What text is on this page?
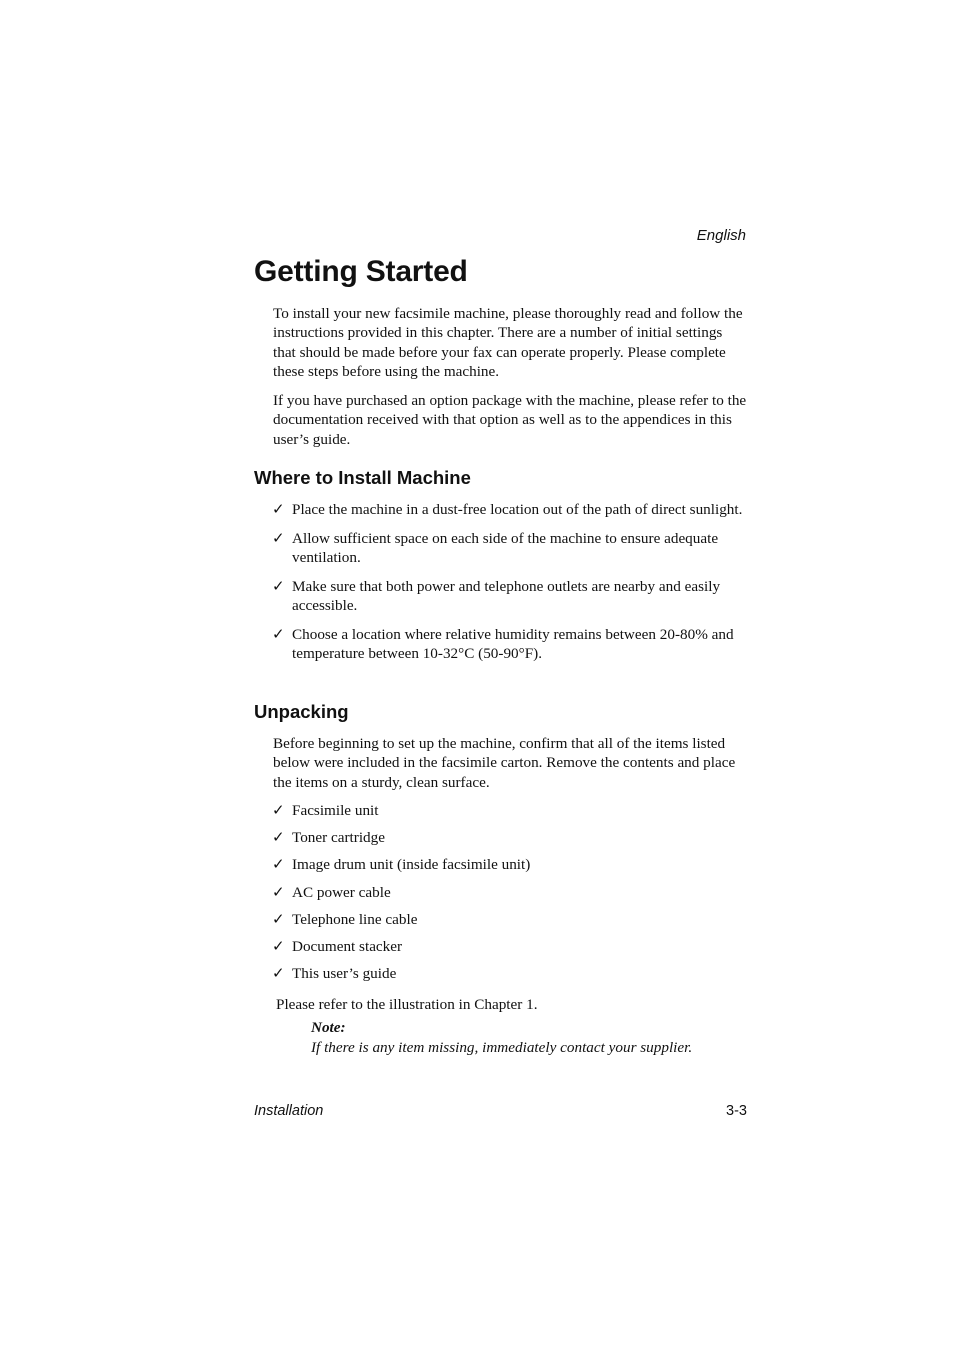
English
Getting Started

To install your new facsimile machine, please thoroughly read and follow the instructions provided in this chapter. There are a number of initial settings that should be made before your fax can operate properly. Please complete these steps before using the machine.

If you have purchased an option package with the machine, please refer to the documentation received with that option as well as to the appendices in this user’s guide.

Where to Install Machine
✓ Place the machine in a dust-free location out of the path of direct sunlight.
✓ Allow sufficient space on each side of the machine to ensure adequate ventilation.
✓ Make sure that both power and telephone outlets are nearby and easily accessible.
✓ Choose a location where relative humidity remains between 20-80% and temperature between 10-32°C (50-90°F).
Unpacking

Before beginning to set up the machine, confirm that all of the items listed below were included in the facsimile carton. Remove the contents and place the items on a sturdy, clean surface.

✓ Facsimile unit
✓ Toner cartridge
✓ Image drum unit (inside facsimile unit)
✓ AC power cable
✓ Telephone line cable
✓ Document stacker
✓ This user’s guide

Please refer to the illustration in Chapter 1.

Note:

If there is any item missing, immediately contact your supplier.

Installation	3-3
